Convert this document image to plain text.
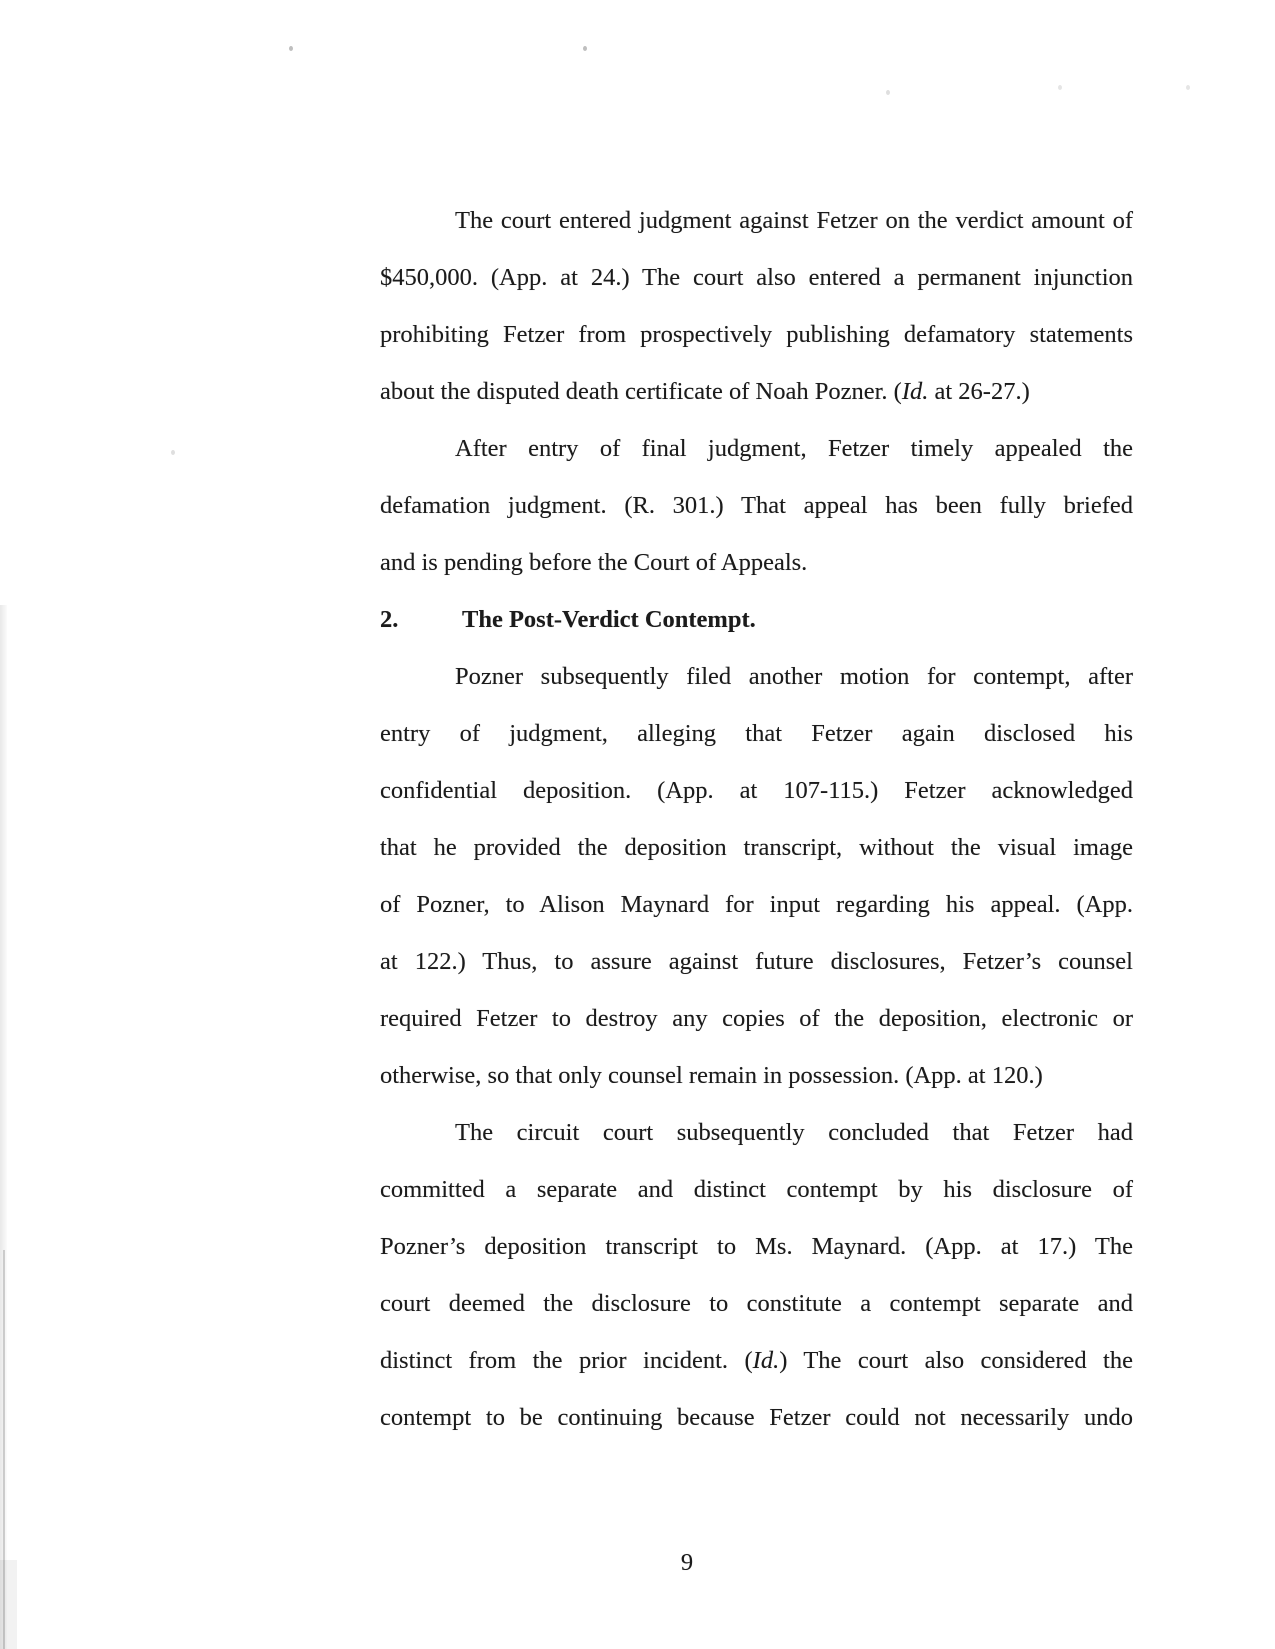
The court entered judgment against Fetzer on the verdict amount of
$450,000. (App. at 24.) The court also entered a permanent injunction
prohibiting Fetzer from prospectively publishing defamatory statements
about the disputed death certificate of Noah Pozner. (Id. at 26-27.)
After entry of final judgment, Fetzer timely appealed the
defamation judgment. (R. 301.) That appeal has been fully briefed
and is pending before the Court of Appeals.
2.	The Post-Verdict Contempt.
Pozner subsequently filed another motion for contempt, after
entry of judgment, alleging that Fetzer again disclosed his
confidential deposition. (App. at 107-115.) Fetzer acknowledged
that he provided the deposition transcript, without the visual image
of Pozner, to Alison Maynard for input regarding his appeal. (App.
at 122.) Thus, to assure against future disclosures, Fetzer’s counsel
required Fetzer to destroy any copies of the deposition, electronic or
otherwise, so that only counsel remain in possession. (App. at 120.)
The circuit court subsequently concluded that Fetzer had
committed a separate and distinct contempt by his disclosure of
Pozner’s deposition transcript to Ms. Maynard. (App. at 17.) The
court deemed the disclosure to constitute a contempt separate and
distinct from the prior incident. (Id.) The court also considered the
contempt to be continuing because Fetzer could not necessarily undo
9
